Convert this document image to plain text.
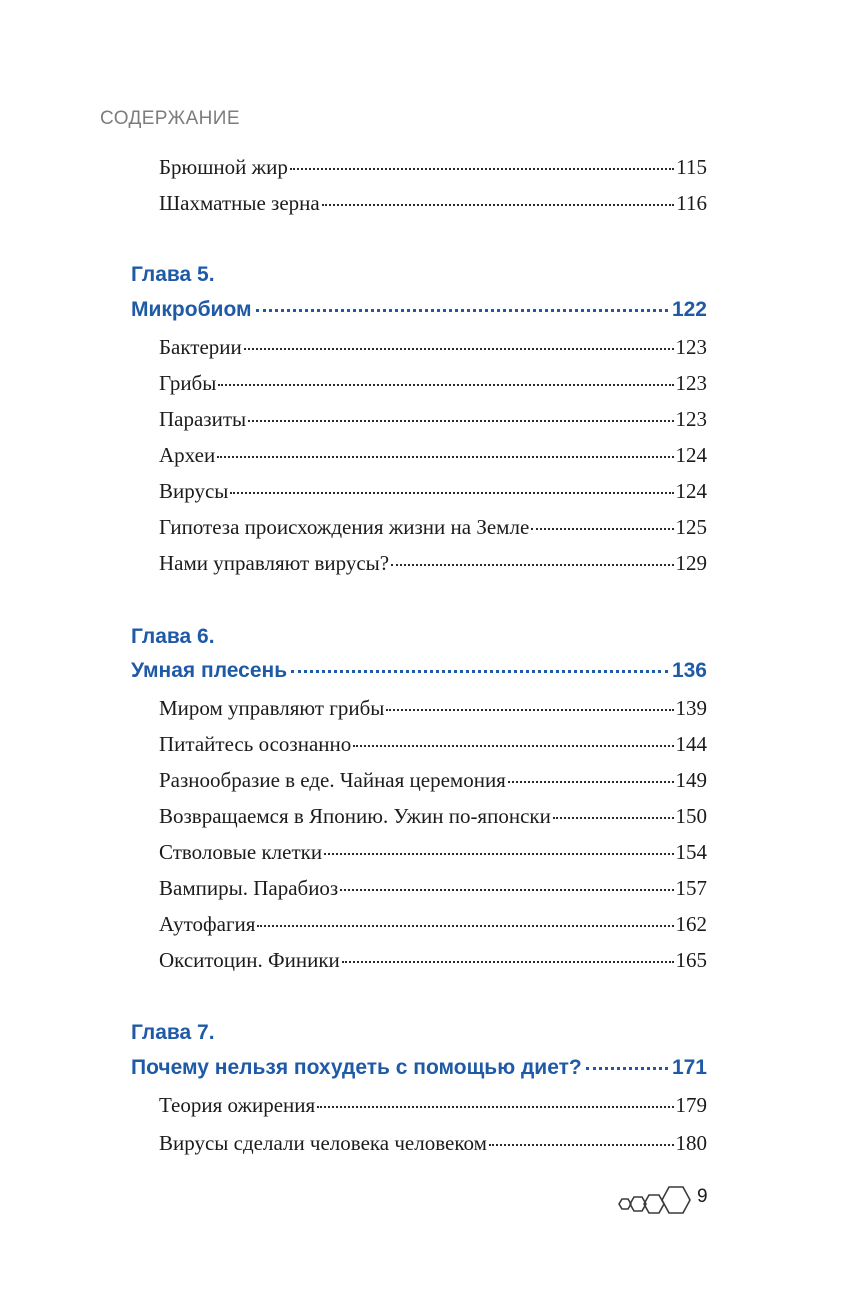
СОДЕРЖАНИЕ
Брюшной жир	115
Шахматные зерна	116
Глава 5.
Микробиом	122
Бактерии	123
Грибы	123
Паразиты	123
Археи	124
Вирусы	124
Гипотеза происхождения жизни на Земле	125
Нами управляют вирусы?	129
Глава 6.
Умная плесень	136
Миром управляют грибы	139
Питайтесь осознанно	144
Разнообразие в еде. Чайная церемония	149
Возвращаемся в Японию. Ужин по-японски	150
Стволовые клетки	154
Вампиры. Парабиоз	157
Аутофагия	162
Окситоцин. Финики	165
Глава 7.
Почему нельзя похудеть с помощью диет?	171
Теория ожирения	179
Вирусы сделали человека человеком	180
9
